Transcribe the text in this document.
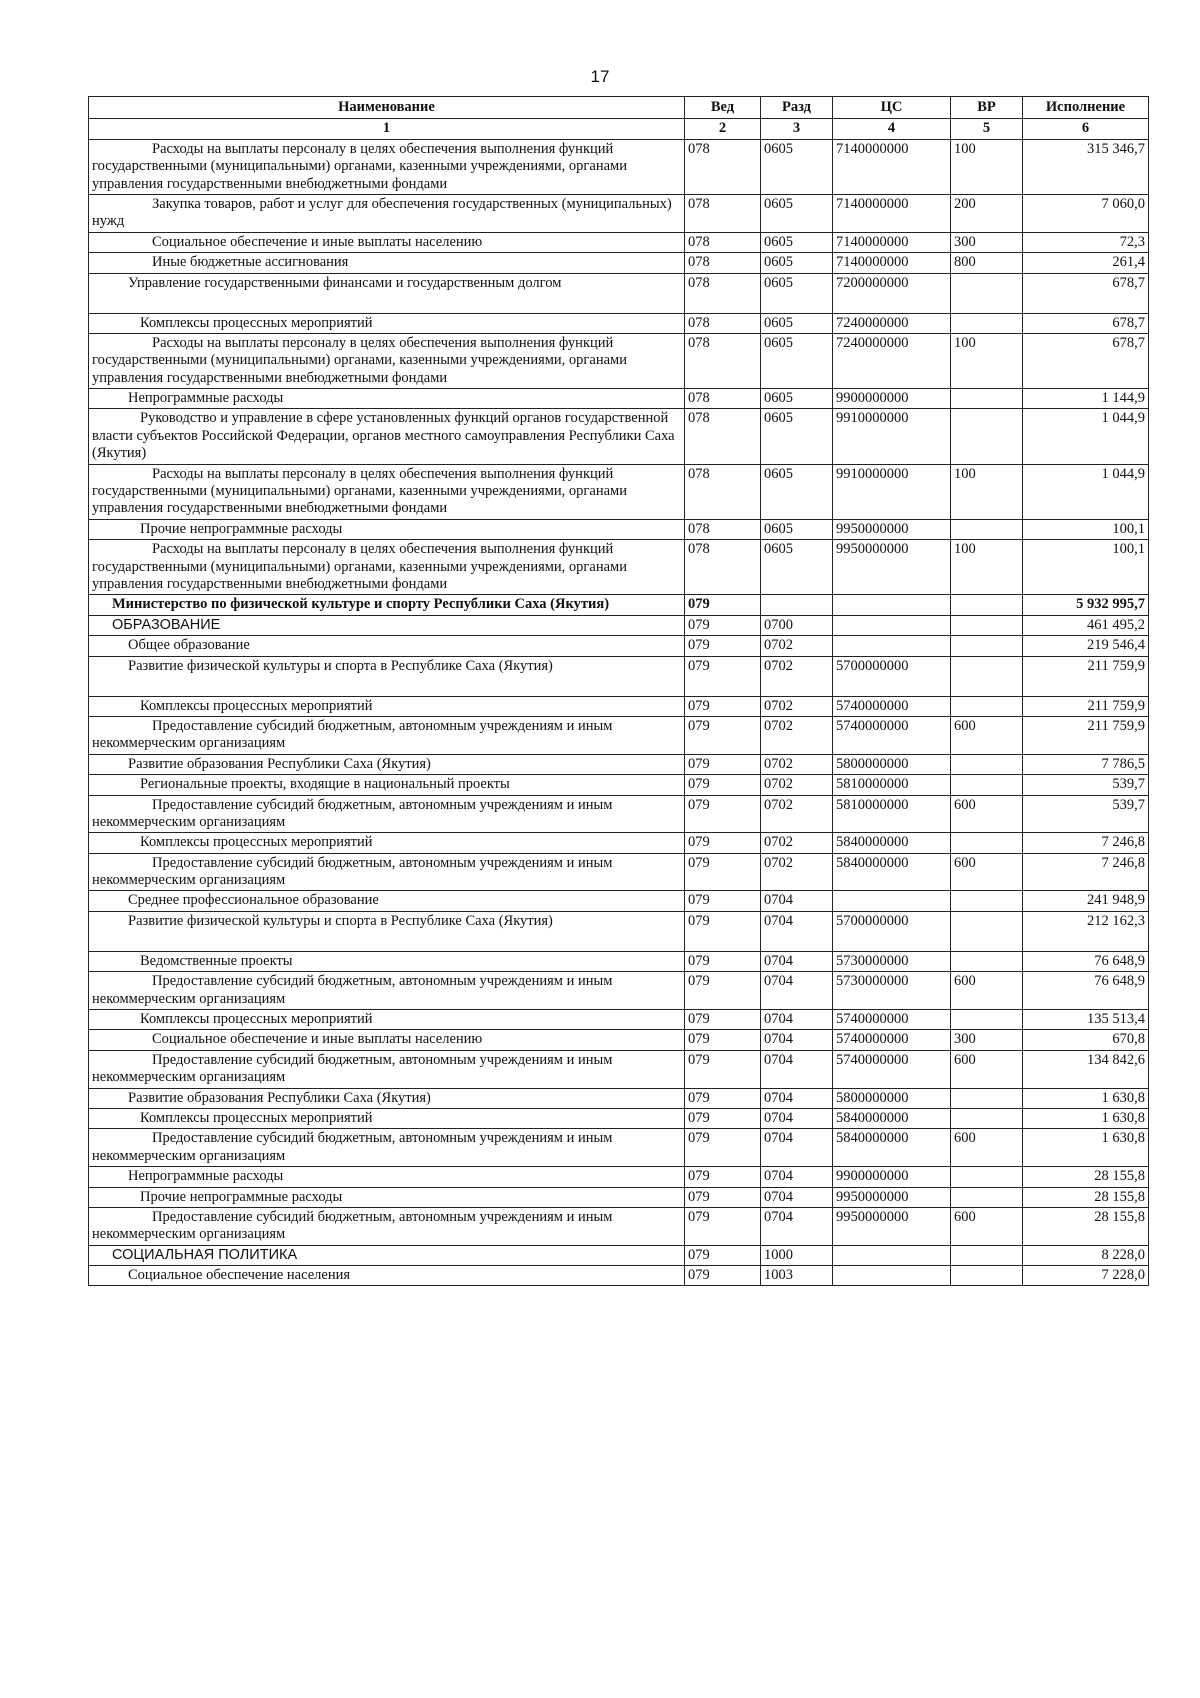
17
Наименование	Вед	Разд	ЦС	ВР	Исполнение
1	2	3	4	5	6
Расходы на выплаты персоналу в целях обеспечения выполнения функций государственными (муниципальными) органами, казенными учреждениями, органами управления государственными внебюджетными фондами	078	0605	7140000000	100	315 346,7
Закупка товаров, работ и услуг для обеспечения государственных (муниципальных) нужд	078	0605	7140000000	200	7 060,0
Социальное обеспечение и иные выплаты населению	078	0605	7140000000	300	72,3
Иные бюджетные ассигнования	078	0605	7140000000	800	261,4
Управление государственными финансами и государственным долгом	078	0605	7200000000		678,7
Комплексы процессных мероприятий	078	0605	7240000000		678,7
Расходы на выплаты персоналу в целях обеспечения выполнения функций государственными (муниципальными) органами, казенными учреждениями, органами управления государственными внебюджетными фондами	078	0605	7240000000	100	678,7
Непрограммные расходы	078	0605	9900000000		1 144,9
Руководство и управление в сфере установленных функций органов государственной власти субъектов Российской Федерации, органов местного самоуправления Республики Саха (Якутия)	078	0605	9910000000		1 044,9
Расходы на выплаты персоналу в целях обеспечения выполнения функций государственными (муниципальными) органами, казенными учреждениями, органами управления государственными внебюджетными фондами	078	0605	9910000000	100	1 044,9
Прочие непрограммные расходы	078	0605	9950000000		100,1
Расходы на выплаты персоналу в целях обеспечения выполнения функций государственными (муниципальными) органами, казенными учреждениями, органами управления государственными внебюджетными фондами	078	0605	9950000000	100	100,1
Министерство по физической культуре и спорту Республики Саха (Якутия)	079				5 932 995,7
ОБРАЗОВАНИЕ	079	0700			461 495,2
Общее образование	079	0702			219 546,4
Развитие физической культуры и спорта в Республике Саха (Якутия)	079	0702	5700000000		211 759,9
Комплексы процессных мероприятий	079	0702	5740000000		211 759,9
Предоставление субсидий бюджетным, автономным учреждениям и иным некоммерческим организациям	079	0702	5740000000	600	211 759,9
Развитие образования Республики Саха (Якутия)	079	0702	5800000000		7 786,5
Региональные проекты, входящие в национальный проекты	079	0702	5810000000		539,7
Предоставление субсидий бюджетным, автономным учреждениям и иным некоммерческим организациям	079	0702	5810000000	600	539,7
Комплексы процессных мероприятий	079	0702	5840000000		7 246,8
Предоставление субсидий бюджетным, автономным учреждениям и иным некоммерческим организациям	079	0702	5840000000	600	7 246,8
Среднее профессиональное образование	079	0704			241 948,9
Развитие физической культуры и спорта в Республике Саха (Якутия)	079	0704	5700000000		212 162,3
Ведомственные проекты	079	0704	5730000000		76 648,9
Предоставление субсидий бюджетным, автономным учреждениям и иным некоммерческим организациям	079	0704	5730000000	600	76 648,9
Комплексы процессных мероприятий	079	0704	5740000000		135 513,4
Социальное обеспечение и иные выплаты населению	079	0704	5740000000	300	670,8
Предоставление субсидий бюджетным, автономным учреждениям и иным некоммерческим организациям	079	0704	5740000000	600	134 842,6
Развитие образования Республики Саха (Якутия)	079	0704	5800000000		1 630,8
Комплексы процессных мероприятий	079	0704	5840000000		1 630,8
Предоставление субсидий бюджетным, автономным учреждениям и иным некоммерческим организациям	079	0704	5840000000	600	1 630,8
Непрограммные расходы	079	0704	9900000000		28 155,8
Прочие непрограммные расходы	079	0704	9950000000		28 155,8
Предоставление субсидий бюджетным, автономным учреждениям и иным некоммерческим организациям	079	0704	9950000000	600	28 155,8
СОЦИАЛЬНАЯ ПОЛИТИКА	079	1000			8 228,0
Социальное обеспечение населения	079	1003			7 228,0
